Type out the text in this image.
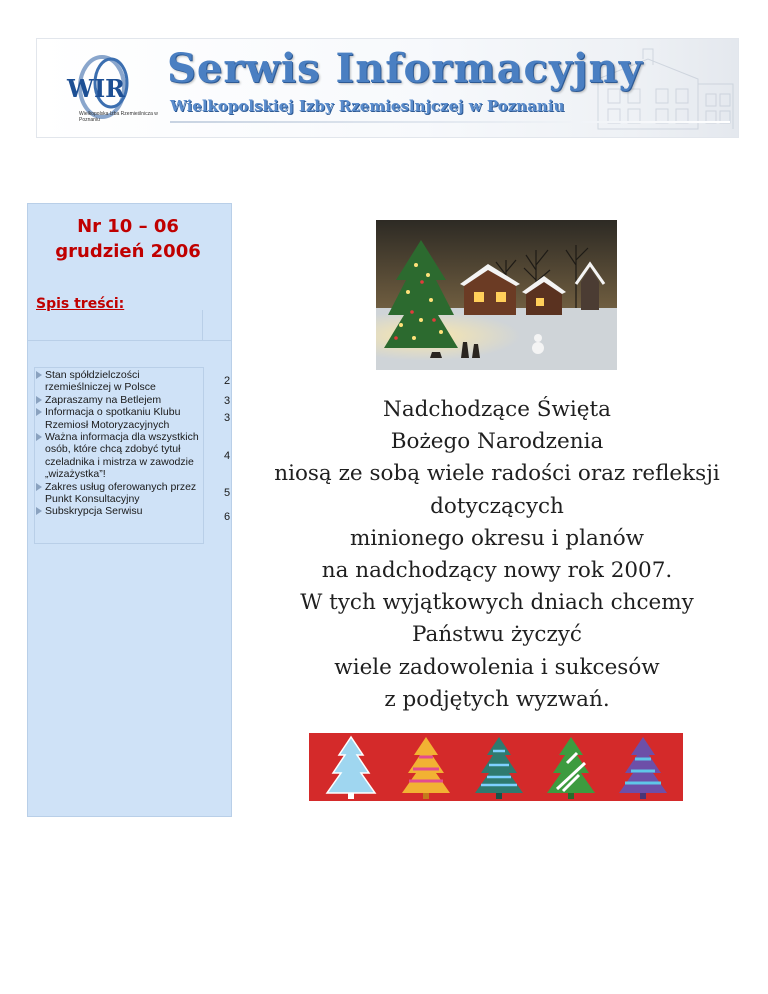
WIR
Wielkopolska Izba Rzemieślnicza w Poznaniu
Serwis Informacyjny
Wielkopolskiej Izby Rzemieslnjczej w Poznaniu
Nr 10 – 06
grudzień 2006
Spis treści:
Stan spółdzielczości rzemieślniczej w Polsce
2
Zapraszamy na Betlejem	3
Informacja o spotkaniu Klubu Rzemiosł Motoryzacyjnych
3
Ważna informacja dla wszystkich osób, które chcą zdobyć tytuł czeladnika i mistrza w zawodzie „wizażystka”!
4
Zakres usług oferowanych przez Punkt Konsultacyjny
5
Subskrypcja Serwisu	6
Nadchodzące Święta
Bożego Narodzenia
niosą ze sobą wiele radości oraz refleksji
dotyczących
minionego okresu i planów
na nadchodzący nowy rok 2007.
W tych wyjątkowych dniach chcemy
Państwu życzyć
wiele zadowolenia i sukcesów
z podjętych wyzwań.
